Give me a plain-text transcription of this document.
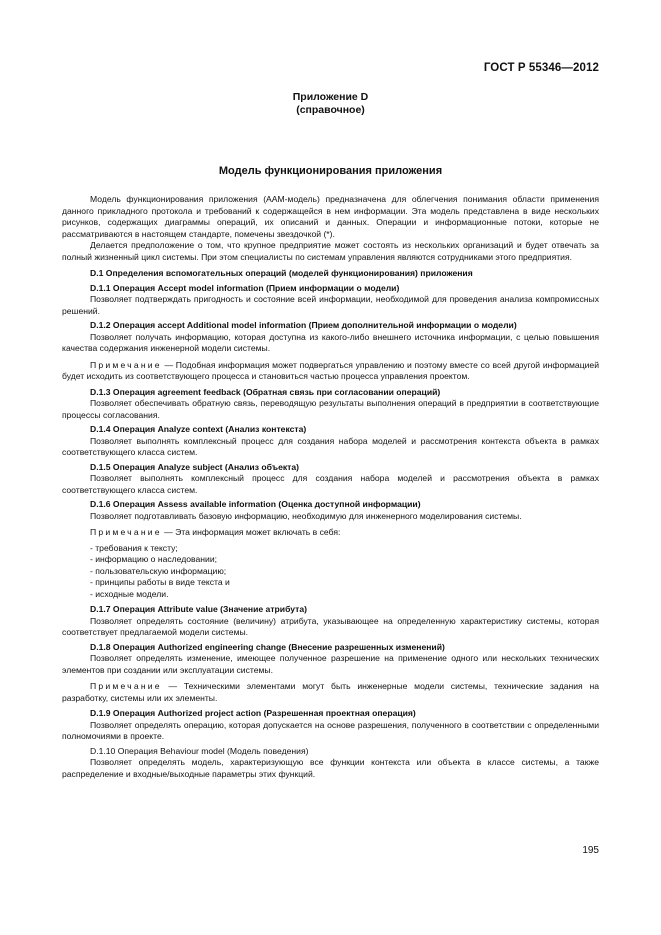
ГОСТ Р 55346—2012
Приложение D
(справочное)
Модель функционирования приложения

Модель функционирования приложения (ААМ-модель) предназначена для облегчения понимания области применения данного прикладного протокола и требований к содержащейся в нем информации. Эта модель представлена в виде нескольких рисунков, содержащих диаграммы операций, их описаний и данных. Операции и информационные потоки, которые не рассматриваются в настоящем стандарте, помечены звездочкой (*).

Делается предположение о том, что крупное предприятие может состоять из нескольких организаций и будет отвечать за полный жизненный цикл системы. При этом специалисты по системам управления являются сотрудниками этого предприятия.

D.1 Определения вспомогательных операций (моделей функционирования) приложения

D.1.1 Операция Accept model information (Прием информации о модели)

Позволяет подтверждать пригодность и состояние всей информации, необходимой для проведения анализа компромиссных решений.

D.1.2 Операция accept Additional model information (Прием дополнительной информации о модели)

Позволяет получать информацию, которая доступна из какого-либо внешнего источника информации, с целью повышения качества содержания инженерной модели системы.

Примечание — Подобная информация может подвергаться управлению и поэтому вместе со всей другой информацией будет исходить из соответствующего процесса и становиться частью процесса управления проектом.

D.1.3 Операция agreement feedback (Обратная связь при согласовании операций)

Позволяет обеспечивать обратную связь, переводящую результаты выполнения операций в предприятии в соответствующие процессы согласования.

D.1.4 Операция Analyze context (Анализ контекста)

Позволяет выполнять комплексный процесс для создания набора моделей и рассмотрения контекста объекта в рамках соответствующего класса систем.

D.1.5 Операция Analyze subject (Анализ объекта)

Позволяет выполнять комплексный процесс для создания набора моделей и рассмотрения объекта в рамках соответствующего класса систем.

D.1.6 Операция Assess available information (Оценка доступной информации)

Позволяет подготавливать базовую информацию, необходимую для инженерного моделирования системы.

Примечание — Эта информация может включать в себя:

- требования к тексту;
- информацию о наследовании;
- пользовательскую информацию;
- принципы работы в виде текста и
- исходные модели.

D.1.7 Операция Attribute value (Значение атрибута)

Позволяет определять состояние (величину) атрибута, указывающее на определенную характеристику системы, которая соответствует предлагаемой модели системы.

D.1.8 Операция Authorized engineering change (Внесение разрешенных изменений)

Позволяет определять изменение, имеющее полученное разрешение на применение одного или нескольких технических элементов при создании или эксплуатации системы.

Примечание — Техническими элементами могут быть инженерные модели системы, технические задания на разработку, системы или их элементы.

D.1.9 Операция Authorized project action (Разрешенная проектная операция)

Позволяет определять операцию, которая допускается на основе разрешения, полученного в соответствии с определенными полномочиями в проекте.

D.1.10 Операция Behaviour model (Модель поведения)

Позволяет определять модель, характеризующую все функции контекста или объекта в классе системы, а также распределение и входные/выходные параметры этих функций.

195
